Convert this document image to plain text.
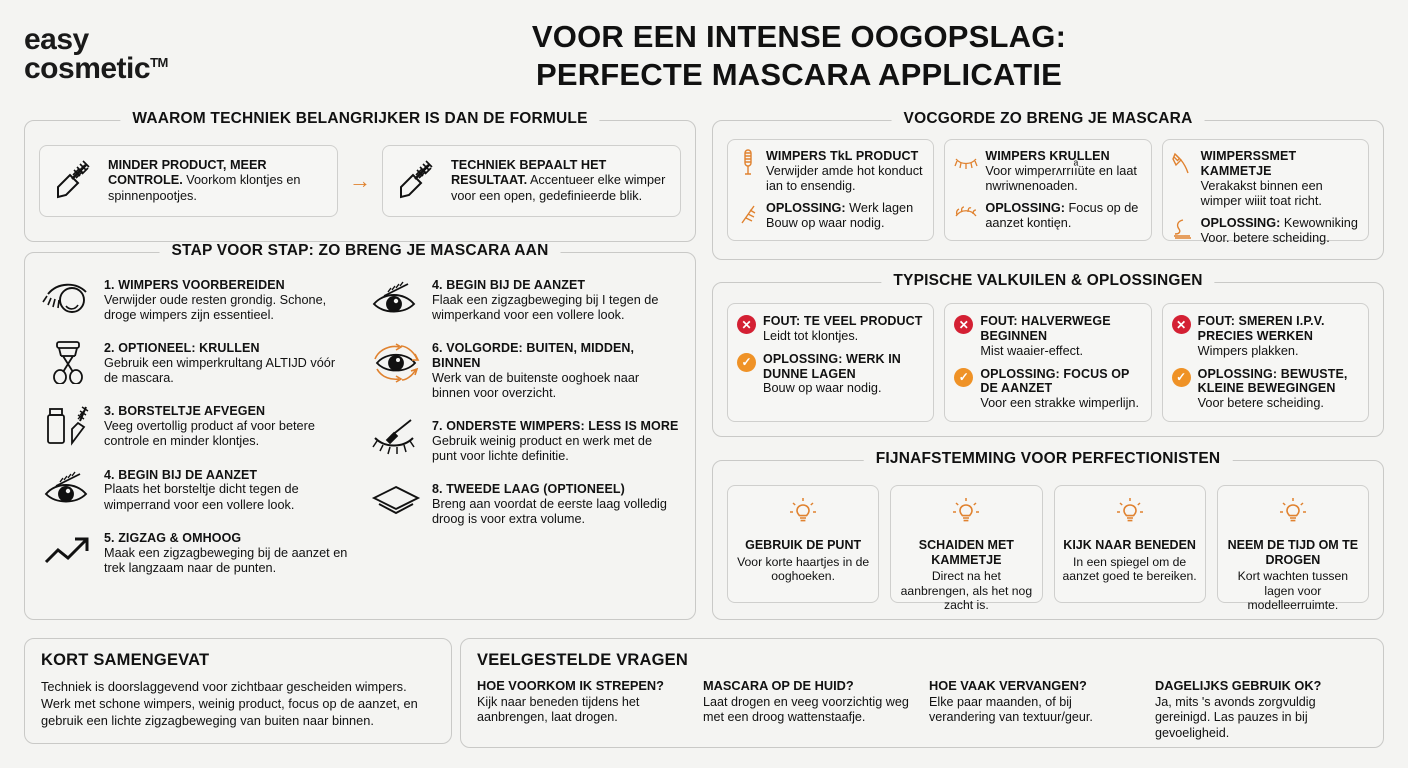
easy
cosmetic™
VOOR EEN INTENSE OOGOPSLAG:
PERFECTE MASCARA APPLICATIE
WAAROM TECHNIEK BELANGRIJKER IS DAN DE FORMULE
MINDER PRODUCT, MEER CONTROLE. Voorkom klontjes en spinnenpootjes.
→
TECHNIEK BEPAALT HET RESULTAAT. Accentueer elke wimper voor een open, gedefinieerde blik.
STAP VOOR STAP: ZO BRENG JE MASCARA AAN
1. WIMPERS VOORBEREIDEN
Verwijder oude resten grondig. Schone, droge wimpers zijn essentieel.
2. OPTIONEEL: KRULLEN
Gebruik een wimperkrultang ALTIJD vóór de mascara.
3. BORSTELTJE AFVEGEN
Veeg overtollig product af voor betere controle en minder klontjes.
4. BEGIN BIJ DE AANZET
Plaats het borsteltje dicht tegen de wimperrand voor een vollere look.
5. ZIGZAG & OMHOOG
Maak een zigzagbeweging bij de aanzet en trek langzaam naar de punten.
4. BEGIN BIJ DE AANZET
Flaak een zigzagbeweging bij I tegen de wimperkand voor een vollere look.
6. VOLGORDE: BUITEN, MIDDEN, BINNEN
Werk van de buitenste ooghoek naar binnen voor overzicht.
7. ONDERSTE WIMPERS: LESS IS MORE
Gebruik weinig product en werk met de punt voor lichte definitie.
8. TWEEDE LAAG (OPTIONEEL)
Breng aan voordat de eerste laag volledig droog is voor extra volume.
VOCGORDE ZO BRENG JE MASCARA
WIMPERS TkL PRODUCT
Verwijder amde hot konduct ian to ensendig.
OPLOSSING: Werk lagen Bouw op waar nodig.
WIMPERS KRULLEN
Voor wimperʌrrııͣüte en laat nwriwnenoaden.
OPLOSSING: Focus op de aanzet kontięn.
WIMPERSSMET KAMMETJE
Verakakst binnen een wimper wiiit toat richt.
OPLOSSING: Kewowniking Voor. betere scheiding.
TYPISCHE VALKUILEN & OPLOSSINGEN
✕ FOUT: TE VEEL PRODUCT
Leidt tot klontjes.
✓ OPLOSSING: WERK IN DUNNE LAGEN
Bouw op waar nodig.
✕ FOUT: HALVERWEGE BEGINNEN
Mist waaier-effect.
✓ OPLOSSING: FOCUS OP DE AANZET
Voor een strakke wimperlijn.
✕ FOUT: SMEREN I.P.V. PRECIES WERKEN
Wimpers plakken.
✓ OPLOSSING: BEWUSTE, KLEINE BEWEGINGEN
Voor betere scheiding.
FIJNAFSTEMMING VOOR PERFECTIONISTEN
GEBRUIK DE PUNT
Voor korte haartjes in de ooghoeken.
SCHAIDEN MET KAMMETJE
Direct na het aanbrengen, als het nog zacht is.
KIJK NAAR BENEDEN
In een spiegel om de aanzet goed te bereiken.
NEEM DE TIJD OM TE DROGEN
Kort wachten tussen lagen voor modelleerruimte.
KORT SAMENGEVAT
Techniek is doorslaggevend voor zichtbaar gescheiden wimpers. Werk met schone wimpers, weinig product, focus op de aanzet, en gebruik een lichte zigzagbeweging van buiten naar binnen.
VEELGESTELDE VRAGEN
HOE VOORKOM IK STREPEN?
Kijk naar beneden tijdens het aanbrengen, laat drogen.
MASCARA OP DE HUID?
Laat drogen en veeg voorzichtig weg met een droog wattenstaafje.
HOE VAAK VERVANGEN?
Elke paar maanden, of bij verandering van textuur/geur.
DAGELIJKS GEBRUIK OK?
Ja, mits 's avonds zorgvuldig gereinigd. Las pauzes in bij gevoeligheid.
